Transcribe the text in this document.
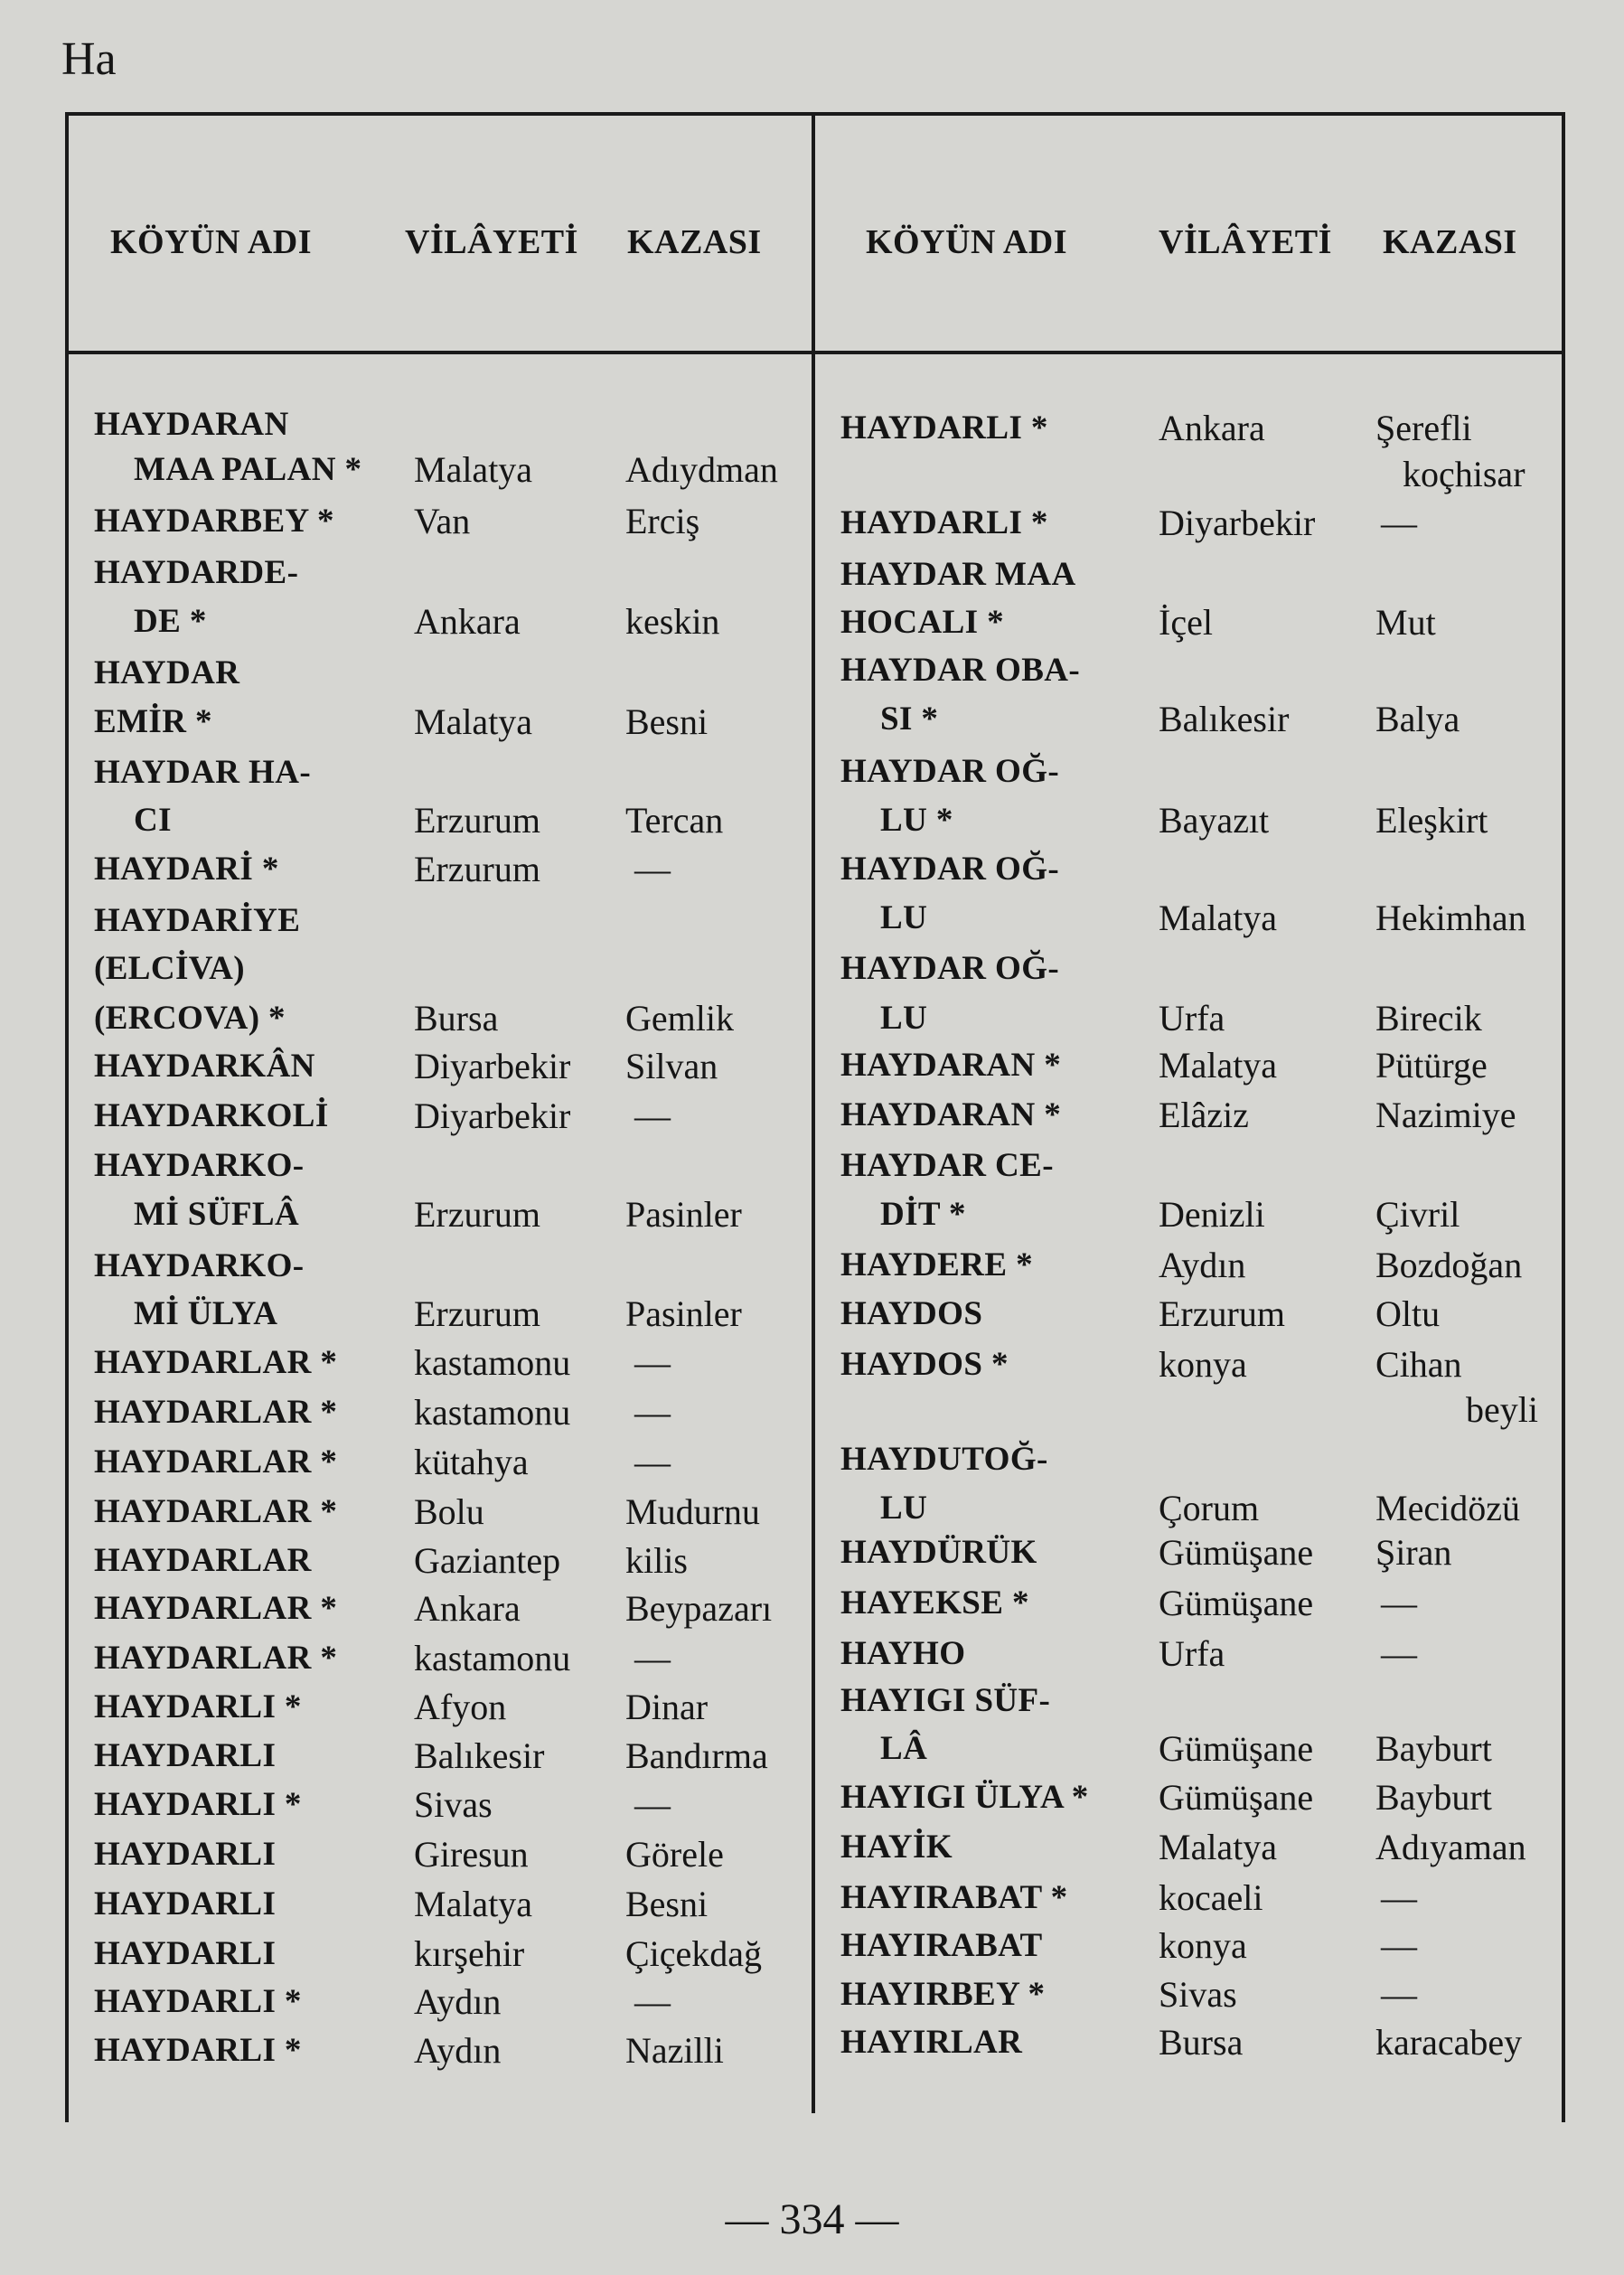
Ha
KÖYÜN ADI	VİLÂYETİ KAZASI	KÖYÜN ADI	VİLÂYETİ KAZASI
HAYDARAN
MAA PALAN * Malatya	Adıydman
HAYDARBEY * Van	Erciş
HAYDARDE-
DE *	Ankara	keskin
HAYDAR
EMİR *	Malatya	Besni
HAYDAR HA-
CI	Erzurum Tercan
HAYDARİ *	Erzurum	—
HAYDARİYE
(ELCİVA)
(ERCOVA) *	Bursa	Gemlik
HAYDARKÂN	Diyarbekir Silvan
HAYDARKOLİ Diyarbekir —
HAYDARKO-
Mİ SÜFLÂ	Erzurum Pasinler
HAYDARKO-
Mİ ÜLYA	Erzurum Pasinler
HAYDARLAR * kastamonu —
HAYDARLAR * kastamonu —
HAYDARLAR * kütahya	—
HAYDARLAR * Bolu	Mudurnu
HAYDARLAR	Gaziantep kilis
HAYDARLAR * Ankara	Beypazarı
HAYDARLAR * kastamonu —
HAYDARLI *	Afyon	Dinar
HAYDARLI	Balıkesir Bandırma
HAYDARLI *	Sivas	—
HAYDARLI	Giresun	Görele
HAYDARLI	Malatya	Besni
HAYDARLI	kırşehir	Çiçekdağ
HAYDARLI *	Aydın	—
HAYDARLI *	Aydın	Nazilli
HAYDARLI *	Ankara	Şerefli
koçhisar
HAYDARLI *	Diyarbekir —
HAYDAR MAA
HOCALI *	İçel	Mut
HAYDAR OBA-
SI *	Balıkesir Balya
HAYDAR OĞ-
LU *	Bayazıt	Eleşkirt
HAYDAR OĞ-
LU	Malatya	Hekimhan
HAYDAR OĞ-
LU	Urfa	Birecik
HAYDARAN *	Malatya	Pütürge
HAYDARAN *	Elâziz	Nazimiye
HAYDAR CE-
DİT *	Denizli	Çivril
HAYDERE *	Aydın	Bozdoğan
HAYDOS	Erzurum	Oltu
HAYDOS *	konya	Cihan
beyli
HAYDUTOĞ-
LU	Çorum	Mecidözü
HAYDÜRÜK	Gümüşane Şiran
HAYEKSE *	Gümüşane —
HAYHO	Urfa	—
HAYIGI SÜF-
LÂ	Gümüşane Bayburt
HAYIGI ÜLYA * Gümüşane Bayburt
HAYİK	Malatya	Adıyaman
HAYIRABAT *	kocaeli	—
HAYIRABAT	konya	—
HAYIRBEY *	Sivas	—
HAYIRLAR	Bursa	karacabey
— 334 —
